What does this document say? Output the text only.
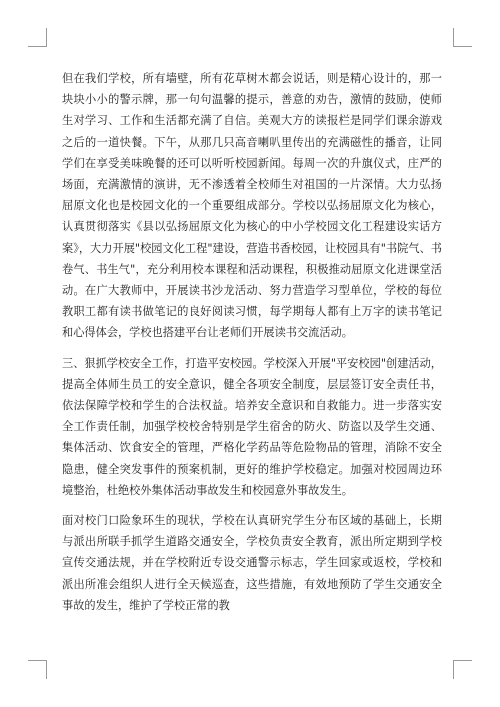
但在我们学校，所有墙壁，所有花草树木都会说话，则是精心设计的，那一块块小小的警示牌，那一句句温馨的提示，善意的劝告，激情的鼓励，使师生对学习、工作和生活都充满了自信。美观大方的读报栏是同学们课余游戏之后的一道快餐。下午，从那几只高音喇叭里传出的充满磁性的播音，让同学们在享受美味晚餐的还可以听听校园新闻。每周一次的升旗仪式，庄严的场面，充满激情的演讲，无不渗透着全校师生对祖国的一片深情。大力弘扬屈原文化也是校园文化的一个重要组成部分。学校以弘扬屈原文化为核心，认真贯彻落实《县以弘扬屈原文化为核心的中小学校园文化工程建设实话方案》，大力开展"校园文化工程"建设，营造书香校园，让校园具有"书院气、书卷气、书生气"，充分利用校本课程和活动课程，积极推动屈原文化进课堂活动。在广大教师中，开展读书沙龙活动、努力营造学习型单位，学校的每位教职工都有读书做笔记的良好阅读习惯，每学期每人都有上万字的读书笔记和心得体会，学校也搭建平台让老师们开展读书交流活动。

三、狠抓学校安全工作，打造平安校园。学校深入开展"平安校园"创建活动，提高全体师生员工的安全意识，健全各项安全制度，层层签订安全责任书，依法保障学校和学生的合法权益。培养安全意识和自救能力。进一步落实安全工作责任制，加强学校校舍特别是学生宿舍的防火、防盗以及学生交通、集体活动、饮食安全的管理，严格化学药品等危险物品的管理，消除不安全隐患，健全突发事件的预案机制，更好的维护学校稳定。加强对校园周边环境整治，杜绝校外集体活动事故发生和校园意外事故发生。

面对校门口险象环生的现状，学校在认真研究学生分布区域的基础上，长期与派出所联手抓学生道路交通安全，学校负责安全教育，派出所定期到学校宣传交通法规，并在学校附近专设交通警示标志，学生回家或返校，学校和派出所准会组织人进行全天候巡查，这些措施，有效地预防了学生交通安全事故的发生，维护了学校正常的教
